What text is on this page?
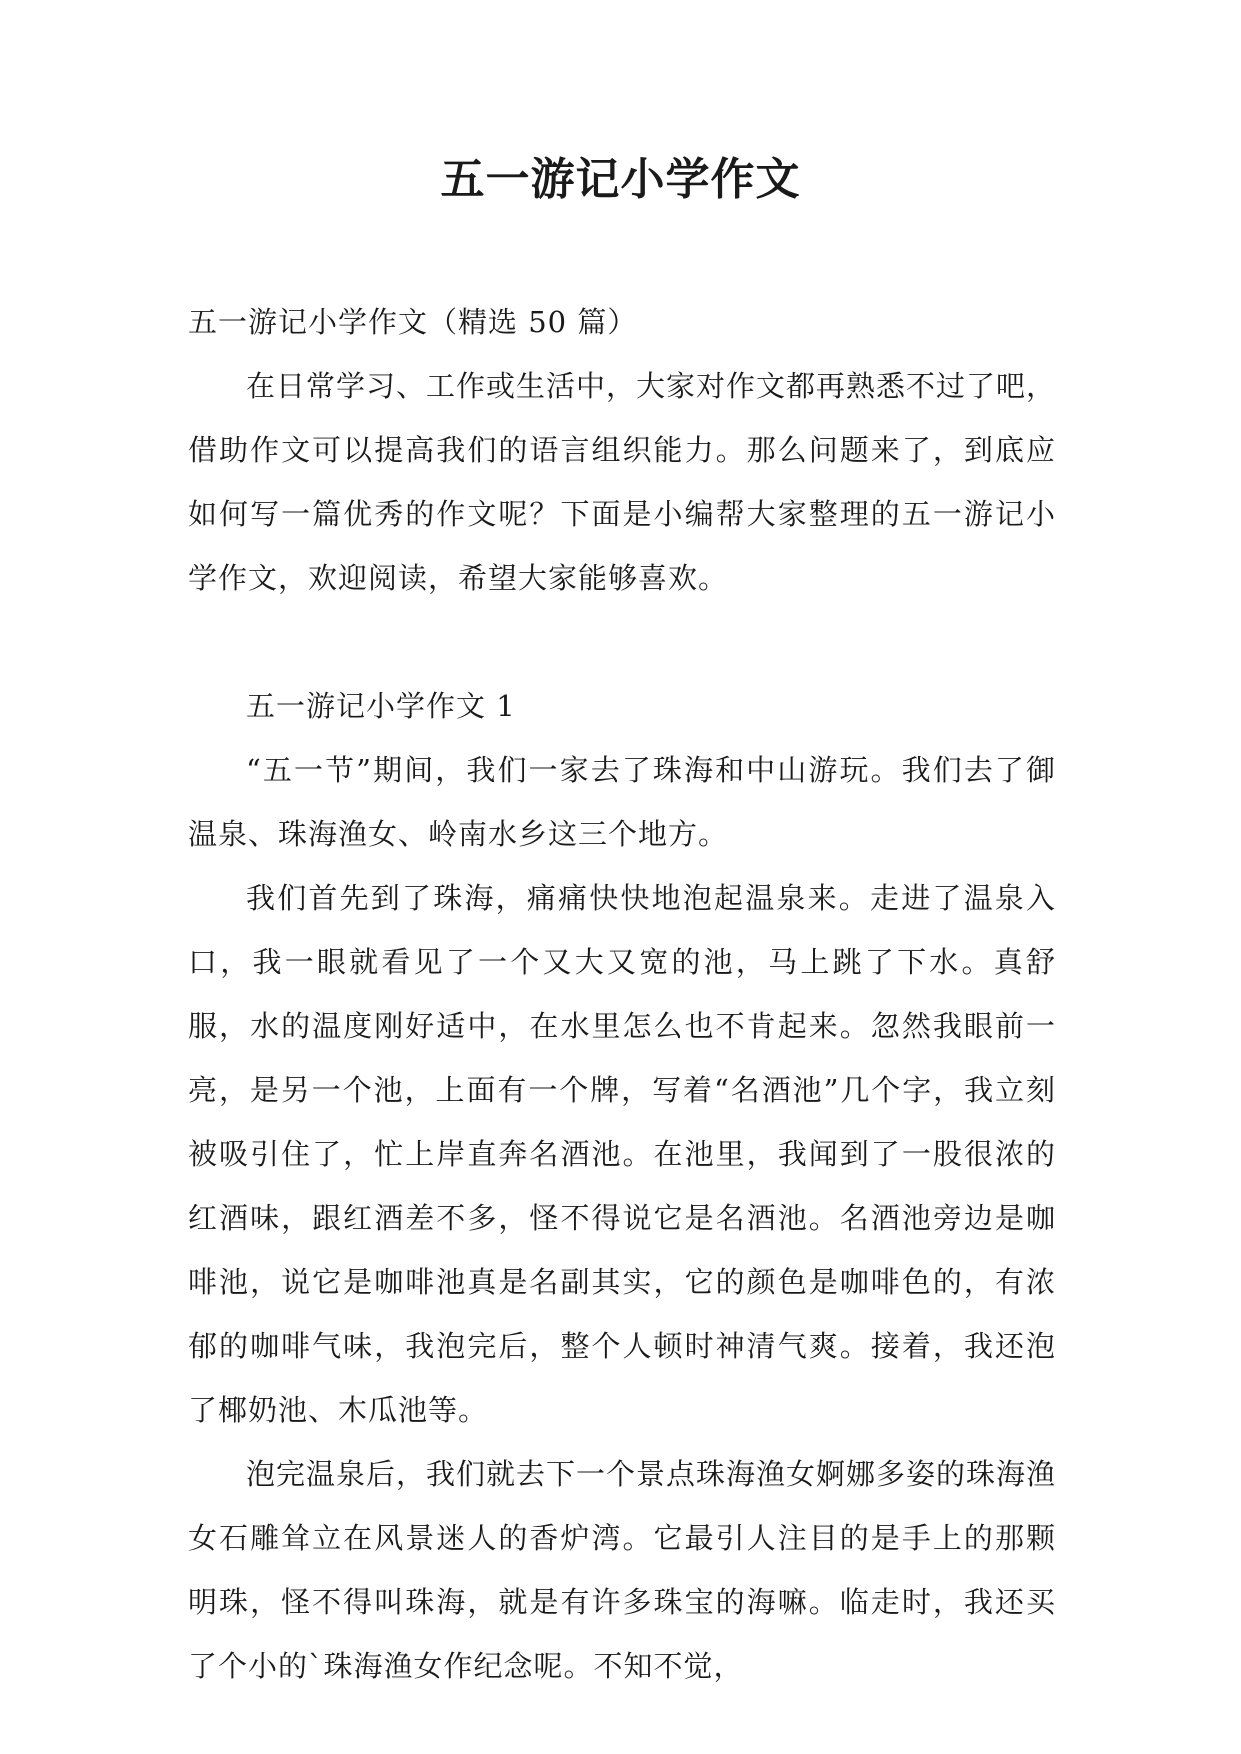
五一游记小学作文

五一游记小学作文（精选 50 篇）

在日常学习、工作或生活中，大家对作文都再熟悉不过了吧，借助作文可以提高我们的语言组织能力。那么问题来了，到底应如何写一篇优秀的作文呢？下面是小编帮大家整理的五一游记小学作文，欢迎阅读，希望大家能够喜欢。

五一游记小学作文 1

“五一节”期间，我们一家去了珠海和中山游玩。我们去了御温泉、珠海渔女、岭南水乡这三个地方。

我们首先到了珠海，痛痛快快地泡起温泉来。走进了温泉入口，我一眼就看见了一个又大又宽的池，马上跳了下水。真舒服，水的温度刚好适中，在水里怎么也不肯起来。忽然我眼前一亮，是另一个池，上面有一个牌，写着“名酒池”几个字，我立刻被吸引住了，忙上岸直奔名酒池。在池里，我闻到了一股很浓的红酒味，跟红酒差不多，怪不得说它是名酒池。名酒池旁边是咖啡池，说它是咖啡池真是名副其实，它的颜色是咖啡色的，有浓郁的咖啡气味，我泡完后，整个人顿时神清气爽。接着，我还泡了椰奶池、木瓜池等。

泡完温泉后，我们就去下一个景点珠海渔女婀娜多姿的珠海渔女石雕耸立在风景迷人的香炉湾。它最引人注目的是手上的那颗明珠，怪不得叫珠海，就是有许多珠宝的海嘛。临走时，我还买了个小的`珠海渔女作纪念呢。不知不觉，
